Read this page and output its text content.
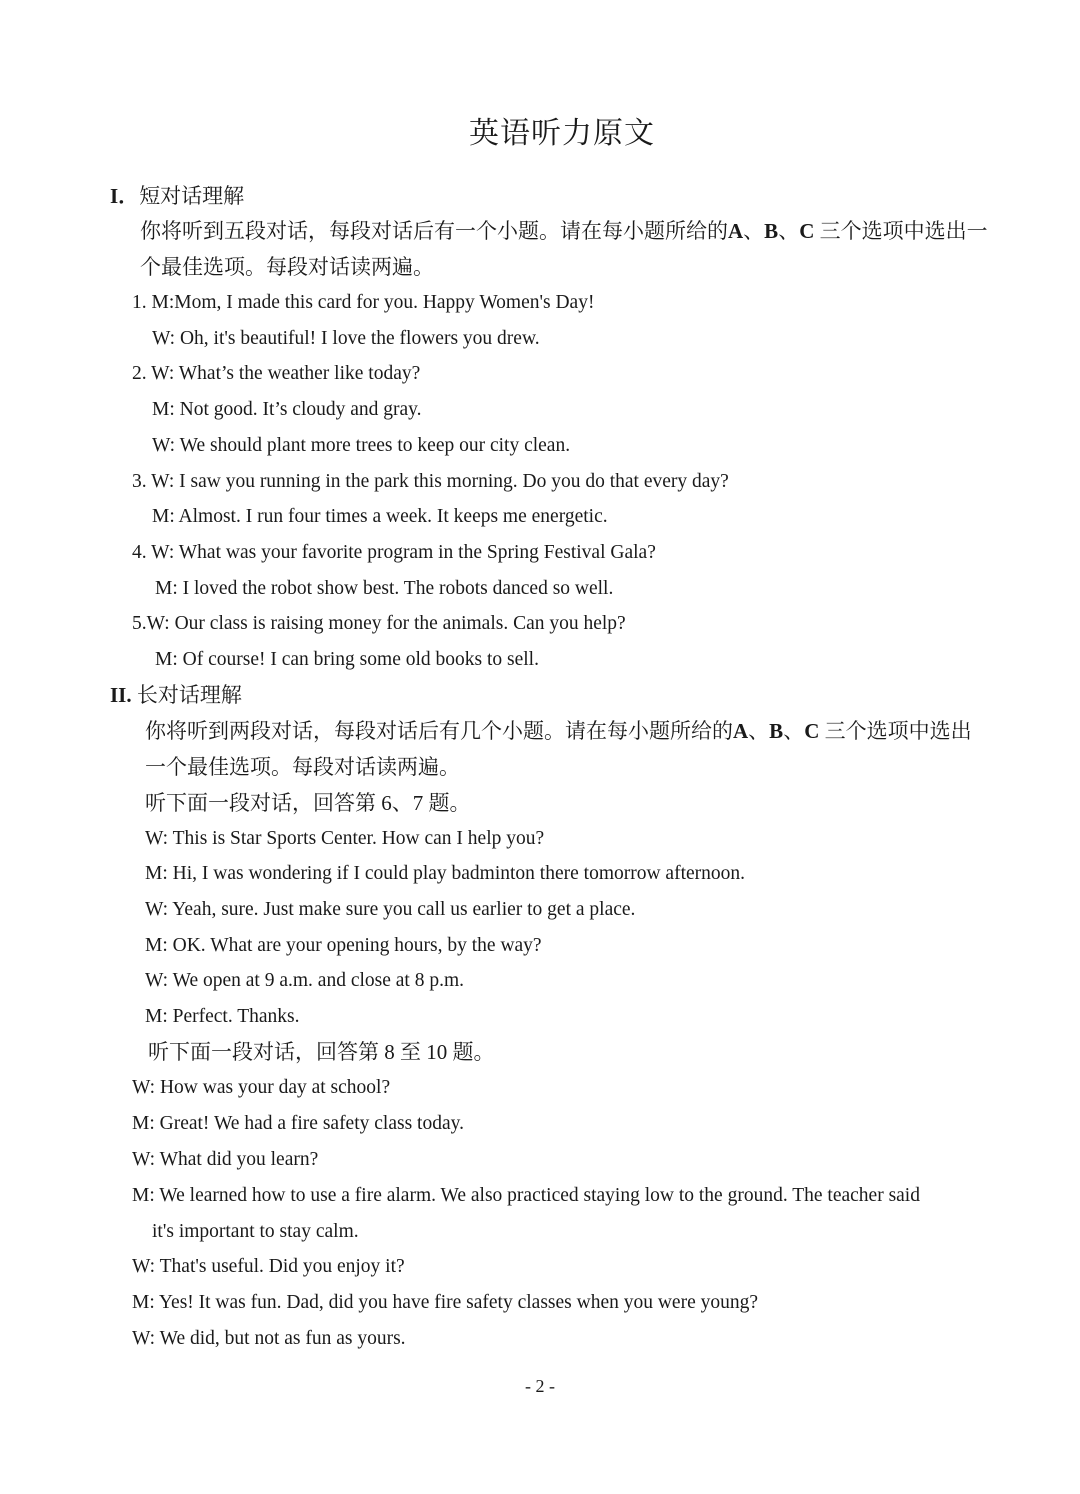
英语听力原文
I．短对话理解
你将听到五段对话，每段对话后有一个小题。请在每小题所给的A、B、C 三个选项中选出一
个最佳选项。每段对话读两遍。
1. M:Mom, I made this card for you. Happy Women's Day!
W: Oh, it's beautiful! I love the flowers you drew.
2. W: What’s the weather like today?
M: Not good. It’s cloudy and gray.
W: We should plant more trees to keep our city clean.
3. W: I saw you running in the park this morning. Do you do that every day?
M: Almost. I run four times a week. It keeps me energetic.
4. W: What was your favorite program in the Spring Festival Gala?
M: I loved the robot show best. The robots danced so well.
5.W: Our class is raising money for the animals. Can you help?
M: Of course! I can bring some old books to sell.
II. 长对话理解
你将听到两段对话，每段对话后有几个小题。请在每小题所给的A、B、C 三个选项中选出
一个最佳选项。每段对话读两遍。
听下面一段对话，回答第 6、7 题。
W: This is Star Sports Center. How can I help you?
M: Hi, I was wondering if I could play badminton there tomorrow afternoon.
W: Yeah, sure. Just make sure you call us earlier to get a place.
M: OK. What are your opening hours, by the way?
W: We open at 9 a.m. and close at 8 p.m.
M: Perfect. Thanks.
听下面一段对话，回答第 8 至 10 题。
W: How was your day at school?
M: Great! We had a fire safety class today.
W: What did you learn?
M: We learned how to use a fire alarm. We also practiced staying low to the ground. The teacher said
it's important to stay calm.
W: That's useful. Did you enjoy it?
M: Yes! It was fun. Dad, did you have fire safety classes when you were young?
W: We did, but not as fun as yours.
- 2 -
